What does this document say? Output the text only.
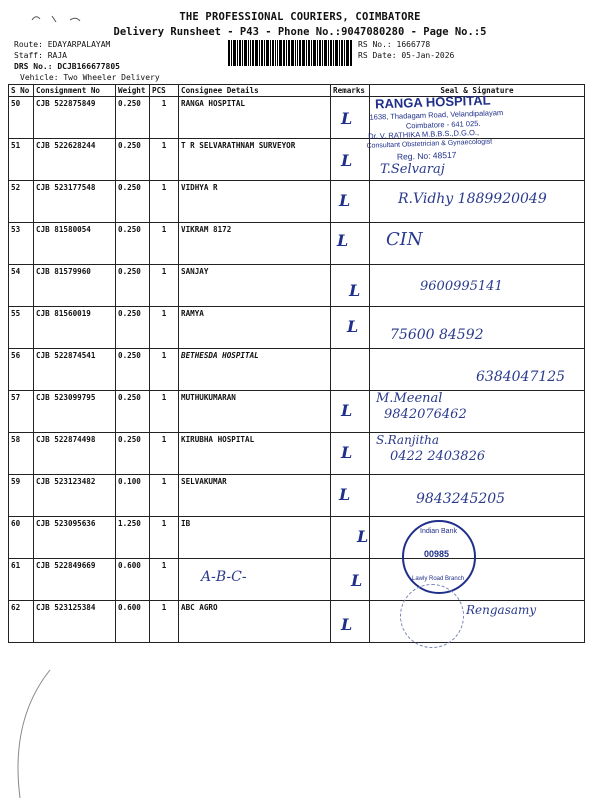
THE PROFESSIONAL COURIERS, COIMBATORE
Delivery Runsheet - P43 - Phone No.:9047080280 - Page No.:5
Route: EDAYARPALAYAM
Staff: RAJA
DRS No.: DCJB166677805
Vehicle: Two Wheeler Delivery
RS No.: 1666778
RS Date: 05-Jan-2026
S No	Consignment No	Weight	PCS	Consignee Details	Remarks	Seal & Signature
50	CJB 522875849	0.250	1	RANGA HOSPITAL	L	

51	CJB 522628244	0.250	1	T R SELVARATHNAM SURVEYOR	L	

52	CJB 523177548	0.250	1	VIDHYA R	L	R.Vidhy 1889920049

53	CJB 81580054	0.250	1	VIKRAM 8172	L	CIN

54	CJB 81579960	0.250	1	SANJAY	L	9600995141

55	CJB 81560019	0.250	1	RAMYA	L	75600 84592

56	CJB 522874541	0.250	1	BETHESDA HOSPITAL		6384047125

57	CJB 523099795	0.250	1	MUTHUKUMARAN	L	M.Meenal
9842076462

58	CJB 522874498	0.250	1	KIRUBHA HOSPITAL	L	S.Ranjitha
0422 2403826

59	CJB 523123482	0.100	1	SELVAKUMAR	L	9843245205

60	CJB 523095636	1.250	1	IB	L	

61	CJB 522849669	0.600	1	A-B-C-	L	

62	CJB 523125384	0.600	1	ABC AGRO	L	Rengasamy
RANGA HOSPITAL
1638, Thadagam Road, Velandipalayam
Coimbatore - 641 025.
Dr. V. RATHIKA M.B.B.S.,D.G.O.,
Consultant Obstetrician & Gynaecologist
Reg. No: 48517
T.Selvaraj
Indian Bank
00985
Lawly Road Branch
